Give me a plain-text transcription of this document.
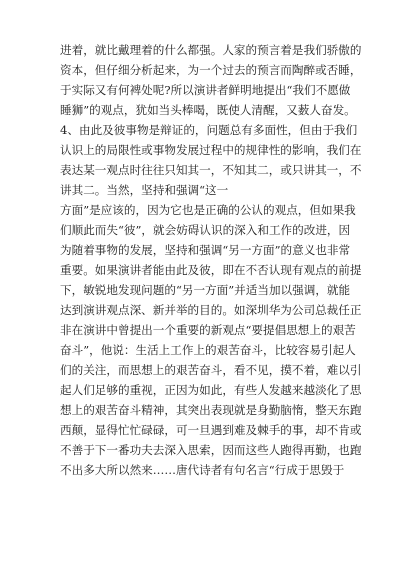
进着，就比戴理着的什么都强。人家的预言着是我们骄傲的
资本，但仔细分析起来，为一个过去的预言而陶醉或否睡，
于实际又有何裨处呢?所以演讲者鲜明地提出“我们不愿做
睡狮”的观点，犹如当头棒喝，既使人清醒，又薮人奋发。
4、由此及彼事物是辩证的，问题总有多面性，但由于我们
认识上的局限性或事物发展过程中的规律性的影响，我们在
表达某一观点时往往只知其一，不知其二，或只讲其一，不
讲其二。当然，坚持和强调“这一
方面”是应该的，因为它也是正确的公认的观点，但如果我
们顺此而失“彼”，就会妨碍认识的深入和工作的改进，因
为随着事物的发展，坚持和强调“另一方面”的意义也非常
重要。如果演讲者能由此及彼，即在不否认现有观点的前提
下，敏锐地发现问题的“另一方面”并适当加以强调，就能
达到演讲观点深、新并举的目的。如深圳华为公司总裁任正
非在演讲中曾提出一个重要的新观点“要提倡思想上的艰苦
奋斗”，他说：生活上工作上的艰苦奋斗，比较容易引起人
们的关注，而思想上的艰苦奋斗，看不见，摸不着，难以引
起人们足够的重视，正因为如此，有些人发越来越淡化了思
想上的艰苦奋斗精神，其突出表现就是身勤脑惰，整天东跑
西颠，显得忙忙碌碌，可一旦遇到难及棘手的事，却不肯或
不善于下一番功夫去深入思索，因而这些人跑得再勤，也跑
不出多大所以然来……唐代诗者有句名言“行成于思毁于
